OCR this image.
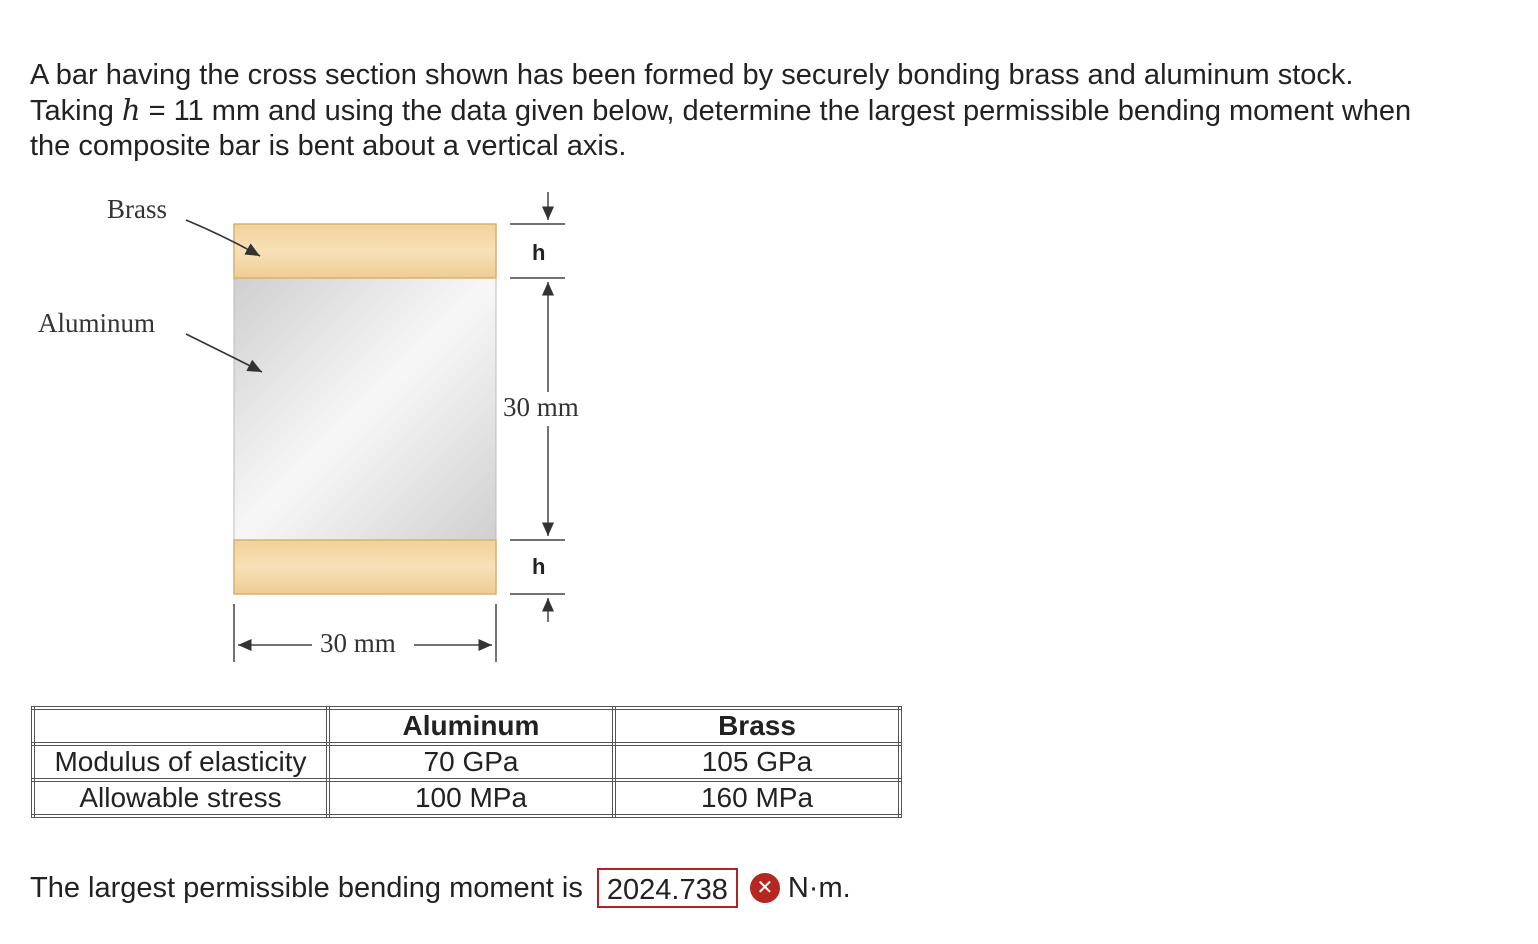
A bar having the cross section shown has been formed by securely bonding brass and aluminum stock.
Taking h = 11 mm and using the data given below, determine the largest permissible bending moment when
the composite bar is bent about a vertical axis.

Brass
Aluminum
h
h
30 mm
30 mm
	Aluminum	Brass
Modulus of elasticity	70 GPa	105 GPa
Allowable stress	100 MPa	160 MPa
The largest permissible bending moment is 2024.738	✕ N·m.
